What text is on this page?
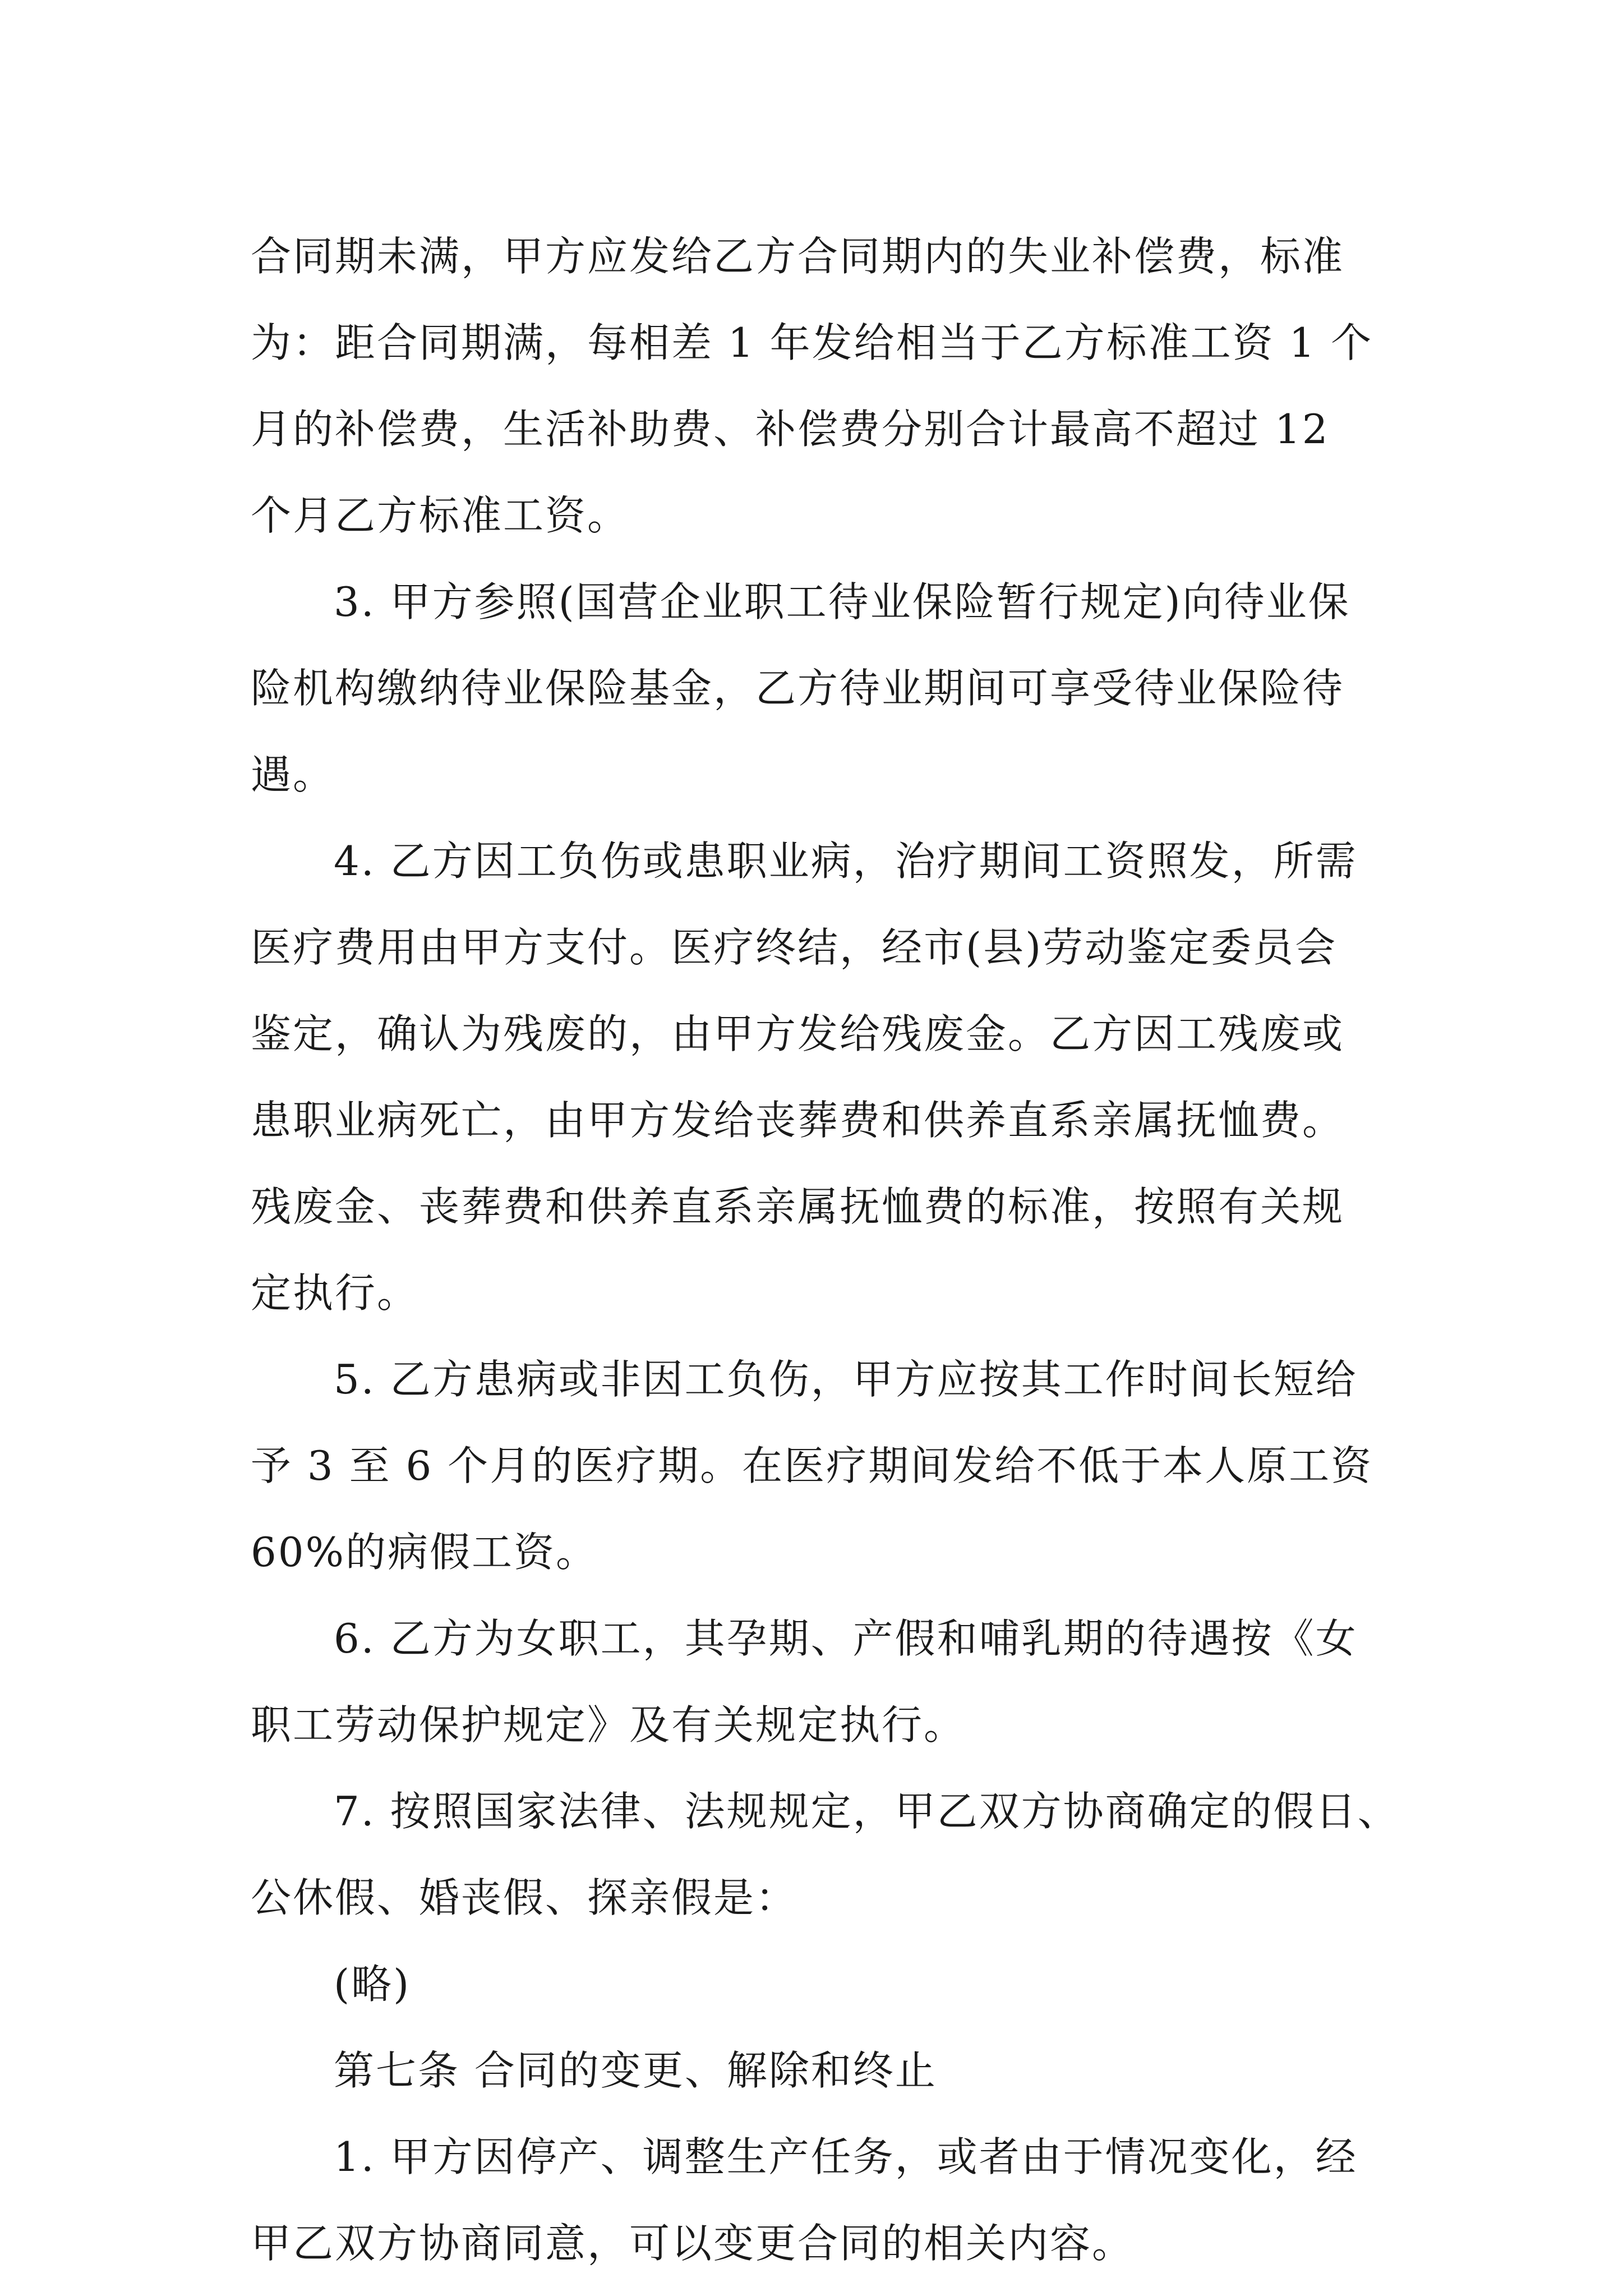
合同期未满，甲方应发给乙方合同期内的失业补偿费，标准
为：距合同期满，每相差 1 年发给相当于乙方标准工资 1 个
月的补偿费，生活补助费、补偿费分别合计最高不超过 12
个月乙方标准工资。
3. 甲方参照(国营企业职工待业保险暂行规定)向待业保
险机构缴纳待业保险基金，乙方待业期间可享受待业保险待
遇。
4. 乙方因工负伤或患职业病，治疗期间工资照发，所需
医疗费用由甲方支付。医疗终结，经市(县)劳动鉴定委员会
鉴定，确认为残废的，由甲方发给残废金。乙方因工残废或
患职业病死亡，由甲方发给丧葬费和供养直系亲属抚恤费。
残废金、丧葬费和供养直系亲属抚恤费的标准，按照有关规
定执行。
5. 乙方患病或非因工负伤，甲方应按其工作时间长短给
予 3 至 6 个月的医疗期。在医疗期间发给不低于本人原工资
60%的病假工资。
6. 乙方为女职工，其孕期、产假和哺乳期的待遇按《女
职工劳动保护规定》及有关规定执行。
7. 按照国家法律、法规规定，甲乙双方协商确定的假日、
公休假、婚丧假、探亲假是：
(略)
第七条 合同的变更、解除和终止
1. 甲方因停产、调整生产任务，或者由于情况变化，经
甲乙双方协商同意，可以变更合同的相关内容。
